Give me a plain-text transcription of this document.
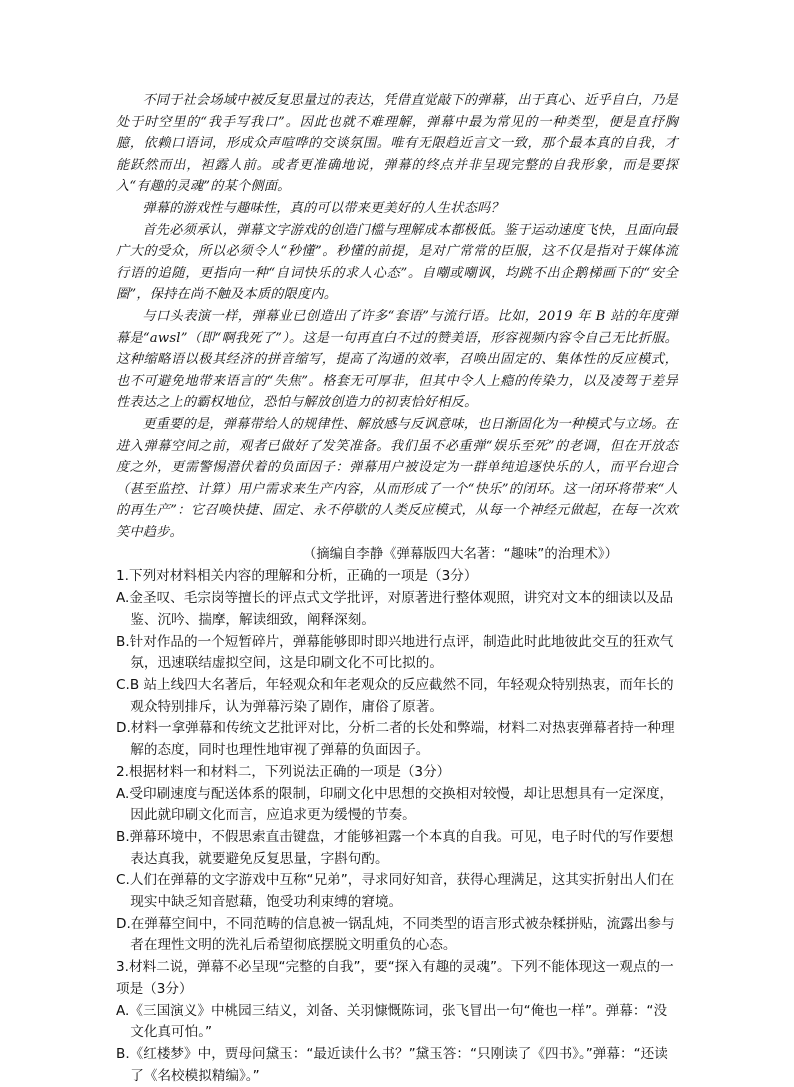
不同于社会场域中被反复思量过的表达，凭借直觉敲下的弹幕，出于真心、近乎自白，乃是处于时空里的“我手写我口”。因此也就不难理解，弹幕中最为常见的一种类型，便是直抒胸臆，依赖口语词，形成众声喧哗的交谈氛围。唯有无限趋近言文一致，那个最本真的自我，才能跃然而出，袒露人前。或者更准确地说，弹幕的终点并非呈现完整的自我形象，而是要探入“有趣的灵魂”的某个侧面。

弹幕的游戏性与趣味性，真的可以带来更美好的人生状态吗？

首先必须承认，弹幕文字游戏的创造门槛与理解成本都极低。鉴于运动速度飞快，且面向最广大的受众，所以必须令人“秒懂”。秒懂的前提，是对广常常的臣服，这不仅是指对于媒体流行语的追随，更指向一种“自词快乐的求人心态”。自嘲或嘲讽，均跳不出企鹅梯画下的“安全圈”，保持在尚不触及本质的限度内。

与口头表演一样，弹幕业已创造出了许多“套语”与流行语。比如，2019 年 B 站的年度弹幕是“awsl”（即“啊我死了”）。这是一句再直白不过的赞美语，形容视频内容令自己无比折服。这种缩略语以极其经济的拼音缩写，提高了沟通的效率，召唤出固定的、集体性的反应模式，也不可避免地带来语言的“失焦”。格套无可厚非，但其中令人上瘾的传染力，以及凌驾于差异性表达之上的霸权地位，恐怕与解放创造力的初衷恰好相反。

更重要的是，弹幕带给人的规律性、解放感与反讽意味，也日渐固化为一种模式与立场。在进入弹幕空间之前，观者已做好了发笑准备。我们虽不必重弹“娱乐至死”的老调，但在开放态度之外，更需警惕潜伏着的负面因子：弹幕用户被设定为一群单纯追逐快乐的人，而平台迎合（甚至监控、计算）用户需求来生产内容，从而形成了一个“快乐”的闭环。这一闭环将带来“人的再生产”：它召唤快捷、固定、永不停歇的人类反应模式，从每一个神经元做起，在每一次欢笑中趋步。

（摘编自李静《弹幕版四大名著：“趣味”的治理术》）

1.下列对材料相关内容的理解和分析，正确的一项是（3分）

A.金圣叹、毛宗岗等擅长的评点式文学批评，对原著进行整体观照，讲究对文本的细读以及品鉴、沉吟、揣摩，解读细致，阐释深刻。

B.针对作品的一个短暂碎片，弹幕能够即时即兴地进行点评，制造此时此地彼此交互的狂欢气氛，迅速联结虚拟空间，这是印刷文化不可比拟的。

C.B 站上线四大名著后，年轻观众和年老观众的反应截然不同，年轻观众特别热衷，而年长的观众特别排斥，认为弹幕污染了剧作，庸俗了原著。

D.材料一拿弹幕和传统文艺批评对比，分析二者的长处和弊端，材料二对热衷弹幕者持一种理解的态度，同时也理性地审视了弹幕的负面因子。

2.根据材料一和材料二，下列说法正确的一项是（3分）

A.受印刷速度与配送体系的限制，印刷文化中思想的交换相对较慢，却让思想具有一定深度，因此就印刷文化而言，应追求更为缓慢的节奏。

B.弹幕环境中，不假思索直击键盘，才能够袒露一个本真的自我。可见，电子时代的写作要想表达真我，就要避免反复思量，字斟句酌。

C.人们在弹幕的文字游戏中互称“兄弟”，寻求同好知音，获得心理满足，这其实折射出人们在现实中缺乏知音慰藉，饱受功利束缚的窘境。

D.在弹幕空间中，不同范畴的信息被一锅乱炖，不同类型的语言形式被杂糅拼贴，流露出参与者在理性文明的洗礼后希望彻底摆脱文明重负的心态。

3.材料二说，弹幕不必呈现“完整的自我”，要“探入有趣的灵魂”。下列不能体现这一观点的一项是（3分）

A.《三国演义》中桃园三结义，刘备、关羽慷慨陈词，张飞冒出一句“俺也一样”。弹幕：“没文化真可怕。”

B.《红楼梦》中，贾母问黛玉：“最近读什么书？”黛玉答：“只刚读了《四书》。”弹幕：“还读了《名校模拟精编》。”
